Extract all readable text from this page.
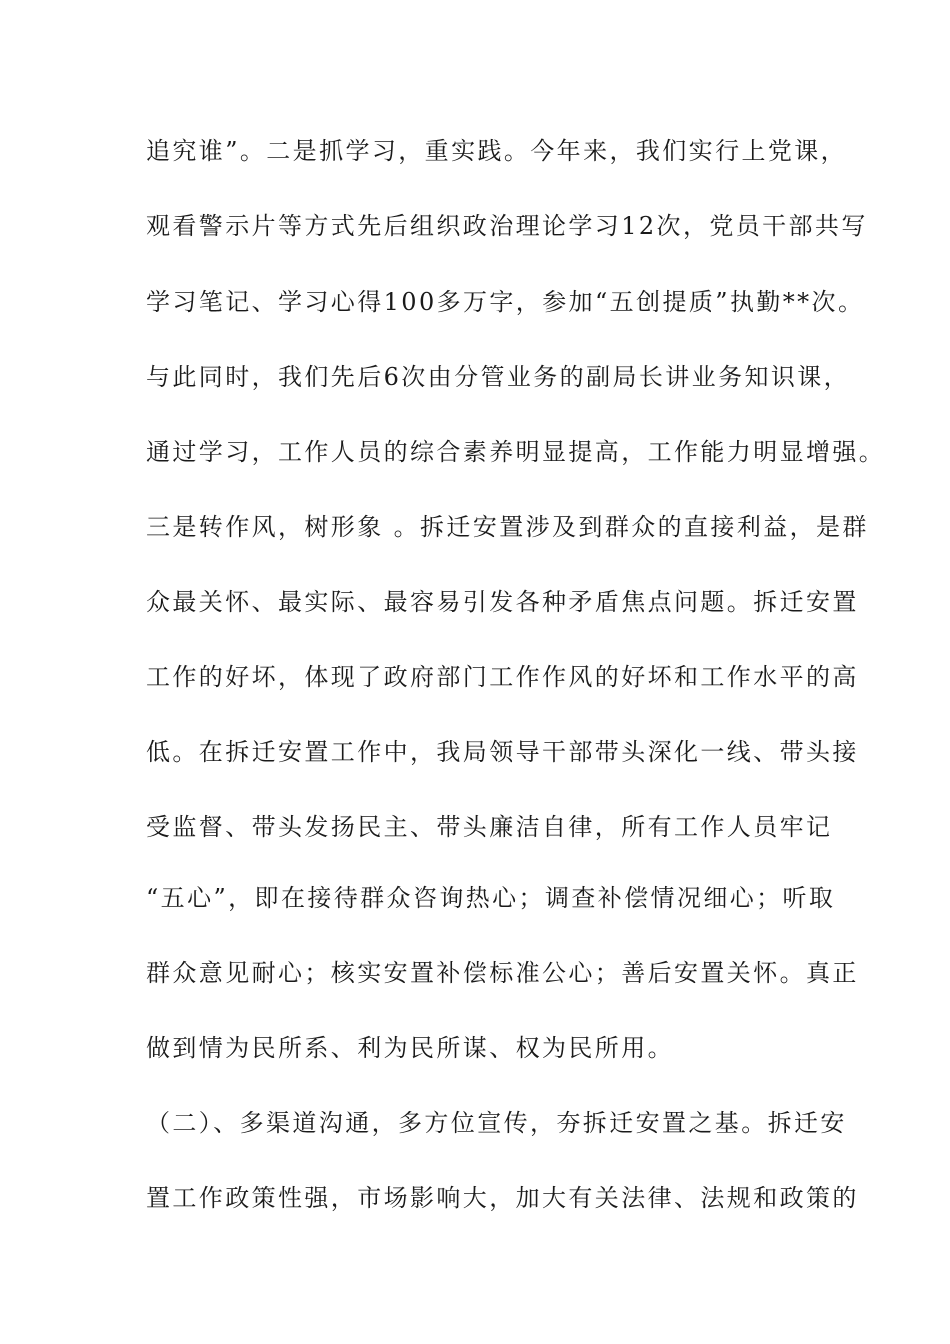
追究谁”。二是抓学习，重实践。今年来，我们实行上党课，
观看警示片等方式先后组织政治理论学习12次，党员干部共写
学习笔记、学习心得100多万字，参加“五创提质”执勤**次。
与此同时，我们先后6次由分管业务的副局长讲业务知识课，
通过学习，工作人员的综合素养明显提高，工作能力明显增强。
三是转作风，树形象 。拆迁安置涉及到群众的直接利益，是群
众最关怀、最实际、最容易引发各种矛盾焦点问题。拆迁安置
工作的好坏，体现了政府部门工作作风的好坏和工作水平的高
低。在拆迁安置工作中，我局领导干部带头深化一线、带头接
受监督、带头发扬民主、带头廉洁自律，所有工作人员牢记
“五心”，即在接待群众咨询热心；调查补偿情况细心；听取
群众意见耐心；核实安置补偿标准公心；善后安置关怀。真正
做到情为民所系、利为民所谋、权为民所用。
（二）、多渠道沟通，多方位宣传，夯拆迁安置之基。拆迁安
置工作政策性强，市场影响大，加大有关法律、法规和政策的
